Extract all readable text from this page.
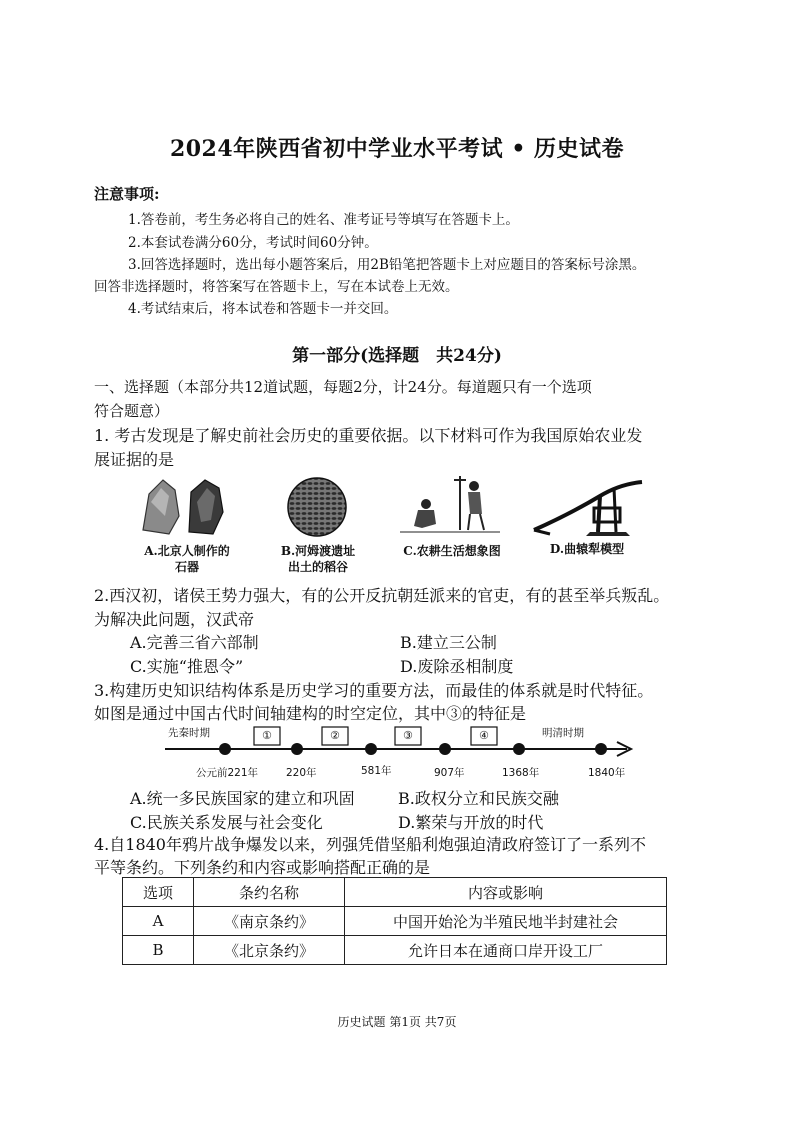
2024年陕西省初中学业水平考试 • 历史试卷
注意事项:
1.答卷前，考生务必将自己的姓名、准考证号等填写在答题卡上。
2.本套试卷满分60分，考试时间60分钟。
3.回答选择题时，选出每小题答案后，用2B铅笔把答题卡上对应题目的答案标号涂黑。
回答非选择题时，将答案写在答题卡上，写在本试卷上无效。
4.考试结束后，将本试卷和答题卡一并交回。
第一部分(选择题　共24分)
一、选择题（本部分共12道试题，每题2分，计24分。每道题只有一个选项
符合题意）
1. 考古发现是了解史前社会历史的重要依据。以下材料可作为我国原始农业发
展证据的是
A.北京人制作的
石器
B.河姆渡遗址
出土的稻谷
C.农耕生活想象图	D.曲辕犁模型
2.西汉初，诸侯王势力强大，有的公开反抗朝廷派来的官吏，有的甚至举兵叛乱。
为解决此问题，汉武帝
A.完善三省六部制	B.建立三公制
C.实施“推恩令”	D.废除丞相制度
3.构建历史知识结构体系是历史学习的重要方法，而最佳的体系就是时代特征。
如图是通过中国古代时间轴建构的时空定位，其中③的特征是
先秦时期	明清时期
①	②	③	④
公元前221年	220年	581年	907年	1368年	1840年
A.统一多民族国家的建立和巩固	B.政权分立和民族交融
C.民族关系发展与社会变化	D.繁荣与开放的时代
4.自1840年鸦片战争爆发以来，列强凭借坚船利炮强迫清政府签订了一系列不
平等条约。下列条约和内容或影响搭配正确的是
选项	条约名称	内容或影响
A	《南京条约》	中国开始沦为半殖民地半封建社会
B	《北京条约》	允许日本在通商口岸开设工厂
历史试题 第1页 共7页
